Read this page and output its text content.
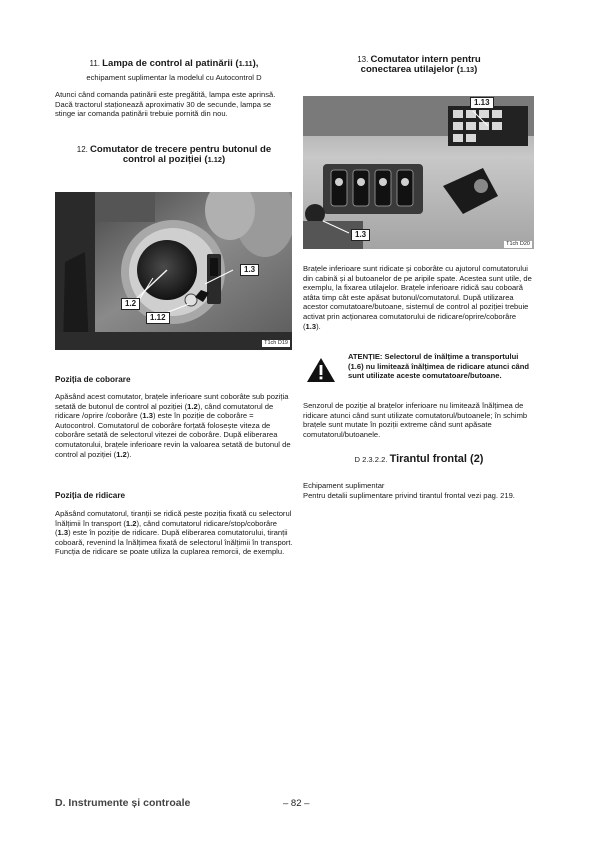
11. Lampa de control al patinării (1.11),
echipament suplimentar la modelul cu Autocontrol D
Atunci când comanda patinării este pregătită, lampa este aprinsă. Dacă tractorul staționează aproximativ 30 de secunde, lampa se stinge iar comanda patinării trebuie pornită din nou.
12. Comutator de trecere pentru butonul de control al poziției (1.12)
1.3
1.2
1.12
T1ch D19
Poziția de coborare
Apăsând acest comutator, brațele inferioare sunt coborâte sub poziția setată de butonul de control al poziției (1.2), când comutatorul de ridicare /oprire /coborâre (1.3) este în poziție de coborâre = Autocontrol. Comutatorul de coborâre forțată folosește viteza de coborâre setată de selectorul vitezei de coborâre. După eliberarea comutatorului, brațele inferioare revin la valoarea setată de butonul de control al poziției (1.2).
Poziția de ridicare
Apăsând comutatorul, tiranții se ridică peste poziția fixată cu selectorul înălțimii în transport (1.2), când comutatorul ridicare/stop/coborâre (1.3) este în poziție de ridicare. După eliberarea comutatorului, tiranții coboară, revenind la înălțimea fixată de selectorul înălțimii în transport. Funcția de ridicare se poate utiliza la cuplarea remorcii, de exemplu.
13. Comutator intern pentru conectarea utilajelor (1.13)
1.13
1.3
T1ch D20
Brațele inferioare sunt ridicate și coborâte cu ajutorul comutatorului din cabină și al butoanelor de pe aripile spate. Acestea sunt utile, de exemplu, la fixarea utilajelor. Brațele inferioare ridică sau coboară atâta timp cât este apăsat butonul/comutatorul. După utilizarea acestor comutatoare/butoane, sistemul de control al poziției trebuie activat prin acționarea comutatorului de ridicare/oprire/coborâre (1.3).
ATENȚIE: Selectorul de înălțime a transportului (1.6) nu limitează înălțimea de ridicare atunci când sunt utilizate aceste comutatoare/butoane.
Senzorul de poziție al brațelor inferioare nu limitează înălțimea de ridicare atunci când sunt utilizate comutatorul/butoanele; în schimb brațele sunt mutate în poziții extreme când sunt apăsate comutatorul/butoanele.
D 2.3.2.2. Tirantul frontal (2)
Echipament suplimentar
Pentru detalii suplimentare privind tirantul frontal vezi pag. 219.
D. Instrumente și controale	– 82 –
